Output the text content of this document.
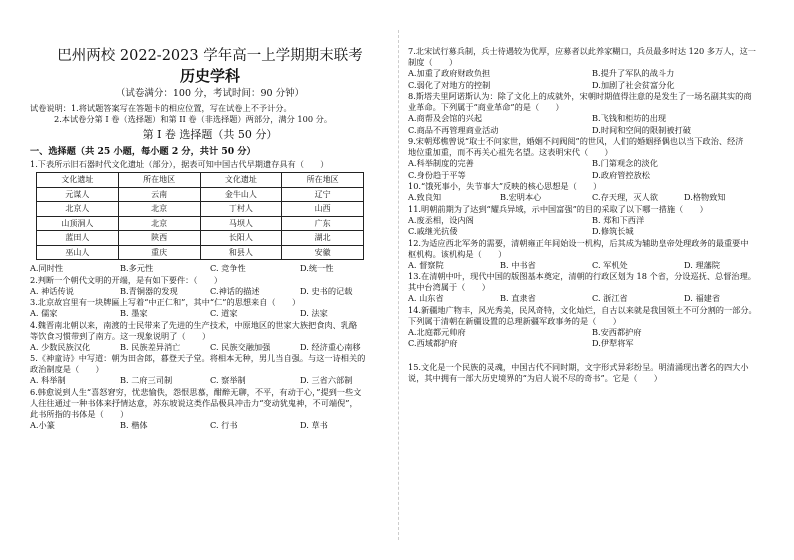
巴州两校 2022-2023 学年高一上学期期末联考
历史学科
（试卷满分：100 分，考试时间：90 分钟）
试卷说明：1.将试题答案写在答题卡的相应位置，写在试卷上不予计分。
2.本试卷分第 I 卷（选择题）和第 II 卷（非选择题）两部分，满分 100 分。
第 I 卷 选择题（共 50 分）
一、选择题（共 25 小题，每小题 2 分，共计 50 分）
1.下表所示旧石器时代文化遗址（部分），据表可知中国古代早期遗存具有（　　）
文化遗址	所在地区	文化遗址	所在地区
元谋人	云南	金牛山人	辽宁
北京人	北京	丁村人	山西
山顶洞人	北京	马坝人	广东
蓝田人	陕西	长阳人	湖北
巫山人	重庆	和县人	安徽
A.同时性	B.多元性	C. 竞争性	D.统一性
2.判断一个朝代文明的开端，是有如下要件：（　　）
A. 神话传说	B.青铜器的发现	C.神话的描述	D. 史书的记载
3.北京故宫里有一块牌匾上写着“中正仁和”，其中“仁”的思想来自（　　）
A. 儒家	B. 墨家	C. 道家	D. 法家
4.魏晋南北朝以来，南渡的士民带来了先进的生产技术，中原地区的世家大族把食肉、乳酪
等饮食习惯带到了南方。这一现象说明了（　　）
A. 少数民族汉化	B. 民族差异消亡	C. 民族交融加强	D. 经济重心南移
5.《神童诗》中写道：朝为田舍郎，暮登天子堂。将相本无种，男儿当自强。与这一诗相关的
政治制度是（　　）
A. 科举制	B. 二府三司制	C. 察举制	D. 三省六部制
6.韩愈说到人生“喜怒窘穷，忧悲愉佚，怨恨思慕，酣醉无聊，不平，有动于心，”提到一些文
人往往通过一种书体来抒情达意，苏东坡说这类作品极具冲击力“变动犹鬼神，不可端倪”，
此书所指的书体是（　　）
A.小篆	B. 楷体	C. 行书	D. 草书
7.北宋试行募兵制，兵士待遇较为优厚，应募者以此养家糊口，兵员最多时达 120 多万人，这一
制度（　　）
A.加重了政府财政负担	B.提升了军队的战斗力
C.弱化了对地方的控制	D.加剧了社会贫富分化
8.斯塔夫里阿诺斯认为：除了文化上的成就外，宋朝时期值得注意的是发生了一场名副其实的商
业革命。下列属于“商业革命”的是（　　）
A.商帮及会馆的兴起	B.飞钱和柜坊的出现
C.商品不再管理商业活动	D.时间和空间的限制被打破
9.宋朝郑樵曾说“取士不问家世，婚姻不问阀阅”的世风，人们的婚姻择偶也以当下政治、经济
地位重加重，而不再关心祖先名望。这表明宋代（　　）
A.科举制度的完善	B.门第观念的淡化
C.身份趋于平等	D.政府管控放松
10.“饿死事小，失节事大”反映的核心思想是（　　）
A.致良知	B.宏明本心	C.存天理，灭人欲	D.格物致知
11.明朝前期为了达到“耀兵异域，示中国富强”的目的采取了以下哪一措施（　　）
A.废丞相，设内阁	B. 郑和下西洋
C.戚继光抗倭	D.修筑长城
12.为适应西北军务的需要，清朝雍正年间始设一机构，后其成为辅助皇帝处理政务的最重要中
枢机构。该机构是（　　）
A. 督察院	B. 中书省	C. 军机处	D. 理藩院
13.在清朝中叶，现代中国的版图基本奠定，清朝的行政区划为 18 个省，分设巡抚、总督治理。
其中台湾属于（　　）
A. 山东省	B. 直隶省	C. 浙江省	D. 福建省
14.新疆地广物丰，风光秀美，民风奇特，文化灿烂，自古以来就是我国领土不可分割的一部分。
下列属于清朝在新疆设置的总理新疆军政事务的是（　　）
A.北庭都元帅府	B.安西都护府
C.西域都护府	D.伊犁将军
15.文化是一个民族的灵魂，中国古代不同时期，文字形式异彩纷呈。明清涌现出著名的四大小
说，其中拥有一部大历史境界的“为启人说不尽的奇书”。它是（　　）
